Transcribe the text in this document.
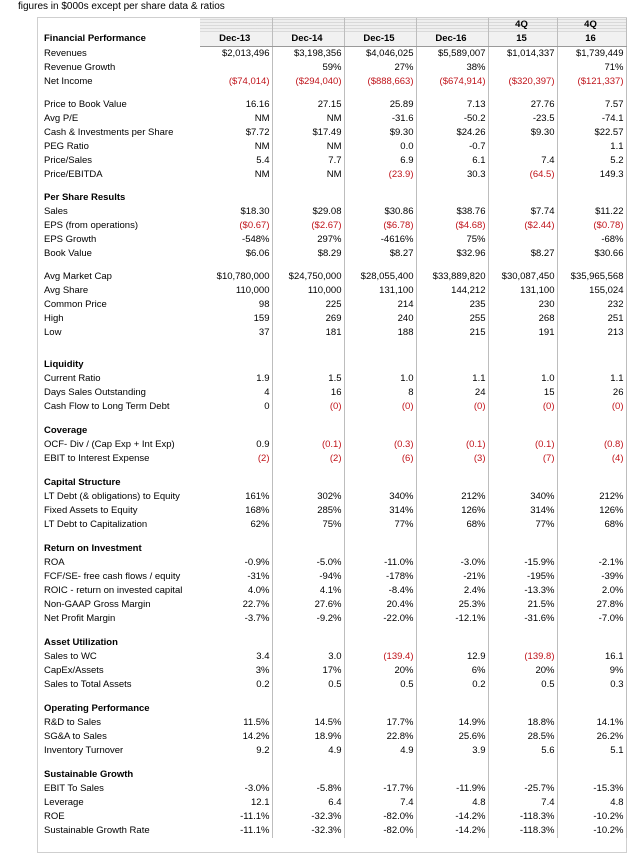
figures in $000s except per share data & ratios
					4Q	4Q
Financial Performance	Dec-13	Dec-14	Dec-15	Dec-16	15	16
Revenues	$2,013,496	$3,198,356	$4,046,025	$5,589,007	$1,014,337	$1,739,449
Revenue Growth		59%	27%	38%		71%
Net Income	($74,014)	($294,040)	($888,663)	($674,914)	($320,397)	($121,337)

Price to Book Value	16.16	27.15	25.89	7.13	27.76	7.57
Avg P/E	NM	NM	-31.6	-50.2	-23.5	-74.1
Cash & Investments per Share	$7.72	$17.49	$9.30	$24.26	$9.30	$22.57
PEG Ratio	NM	NM	0.0	-0.7		1.1
Price/Sales	5.4	7.7	6.9	6.1	7.4	5.2
Price/EBITDA	NM	NM	(23.9)	30.3	(64.5)	149.3

Per Share Results						
Sales	$18.30	$29.08	$30.86	$38.76	$7.74	$11.22
EPS (from operations)	($0.67)	($2.67)	($6.78)	($4.68)	($2.44)	($0.78)
EPS Growth	-548%	297%	-4616%	75%		-68%
Book Value	$6.06	$8.29	$8.27	$32.96	$8.27	$30.66

Avg Market Cap	$10,780,000	$24,750,000	$28,055,400	$33,889,820	$30,087,450	$35,965,568
Avg Share	110,000	110,000	131,100	144,212	131,100	155,024
Common Price	98	225	214	235	230	232
High	159	269	240	255	268	251
Low	37	181	188	215	191	213

Liquidity						
Current Ratio	1.9	1.5	1.0	1.1	1.0	1.1
Days Sales Outstanding	4	16	8	24	15	26
Cash Flow to Long Term Debt	0	(0)	(0)	(0)	(0)	(0)

Coverage						
OCF- Div / (Cap Exp + Int Exp)	0.9	(0.1)	(0.3)	(0.1)	(0.1)	(0.8)
EBIT to Interest Expense	(2)	(2)	(6)	(3)	(7)	(4)

Capital Structure						
LT Debt (& obligations) to Equity	161%	302%	340%	212%	340%	212%
Fixed Assets to Equity	168%	285%	314%	126%	314%	126%
LT Debt to Capitalization	62%	75%	77%	68%	77%	68%

Return on Investment						
ROA	-0.9%	-5.0%	-11.0%	-3.0%	-15.9%	-2.1%
FCF/SE- free cash flows / equity	-31%	-94%	-178%	-21%	-195%	-39%
ROIC - return on invested capital	4.0%	4.1%	-8.4%	2.4%	-13.3%	2.0%
Non-GAAP Gross Margin	22.7%	27.6%	20.4%	25.3%	21.5%	27.8%
Net Profit Margin	-3.7%	-9.2%	-22.0%	-12.1%	-31.6%	-7.0%

Asset Utilization						
Sales to WC	3.4	3.0	(139.4)	12.9	(139.8)	16.1
CapEx/Assets	3%	17%	20%	6%	20%	9%
Sales to Total Assets	0.2	0.5	0.5	0.2	0.5	0.3

Operating Performance						
R&D to Sales	11.5%	14.5%	17.7%	14.9%	18.8%	14.1%
SG&A to Sales	14.2%	18.9%	22.8%	25.6%	28.5%	26.2%
Inventory Turnover	9.2	4.9	4.9	3.9	5.6	5.1

Sustainable Growth						
EBIT To Sales	-3.0%	-5.8%	-17.7%	-11.9%	-25.7%	-15.3%
Leverage	12.1	6.4	7.4	4.8	7.4	4.8
ROE	-11.1%	-32.3%	-82.0%	-14.2%	-118.3%	-10.2%
Sustainable Growth Rate	-11.1%	-32.3%	-82.0%	-14.2%	-118.3%	-10.2%
